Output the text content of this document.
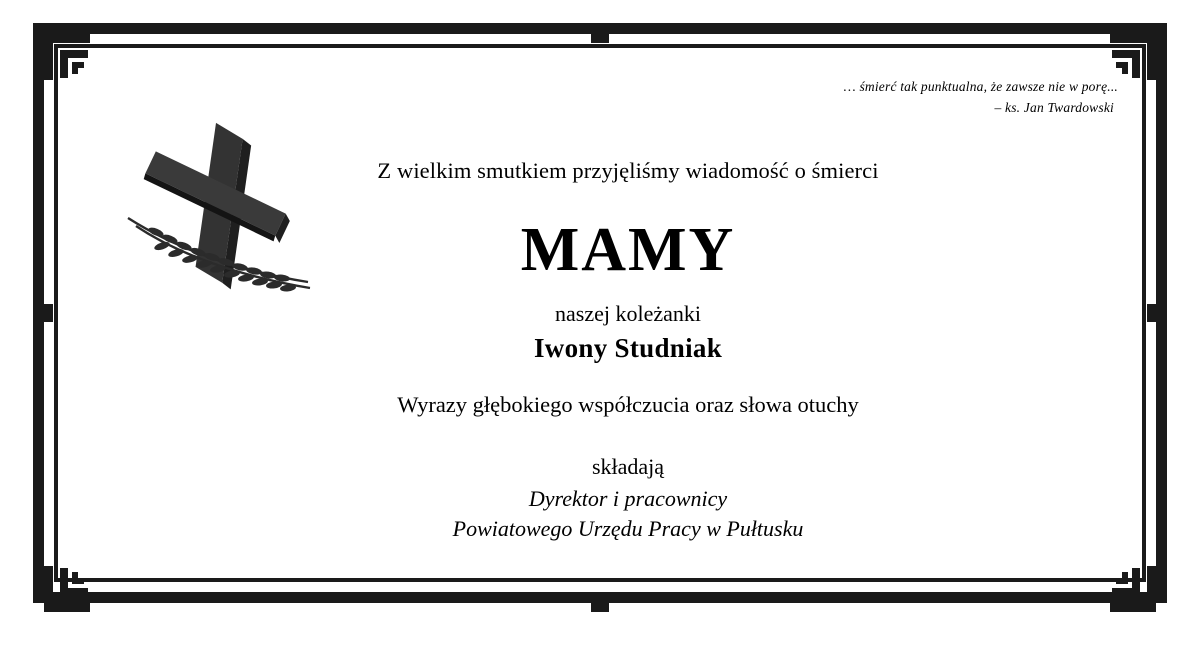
… śmierć tak punktualna, że zawsze nie w porę...
– ks. Jan Twardowski
Z wielkim smutkiem przyjęliśmy wiadomość o śmierci
MAMY
naszej koleżanki
Iwony Studniak
Wyrazy głębokiego współczucia oraz słowa otuchy
składają
Dyrektor i pracownicy
Powiatowego Urzędu Pracy w Pułtusku
